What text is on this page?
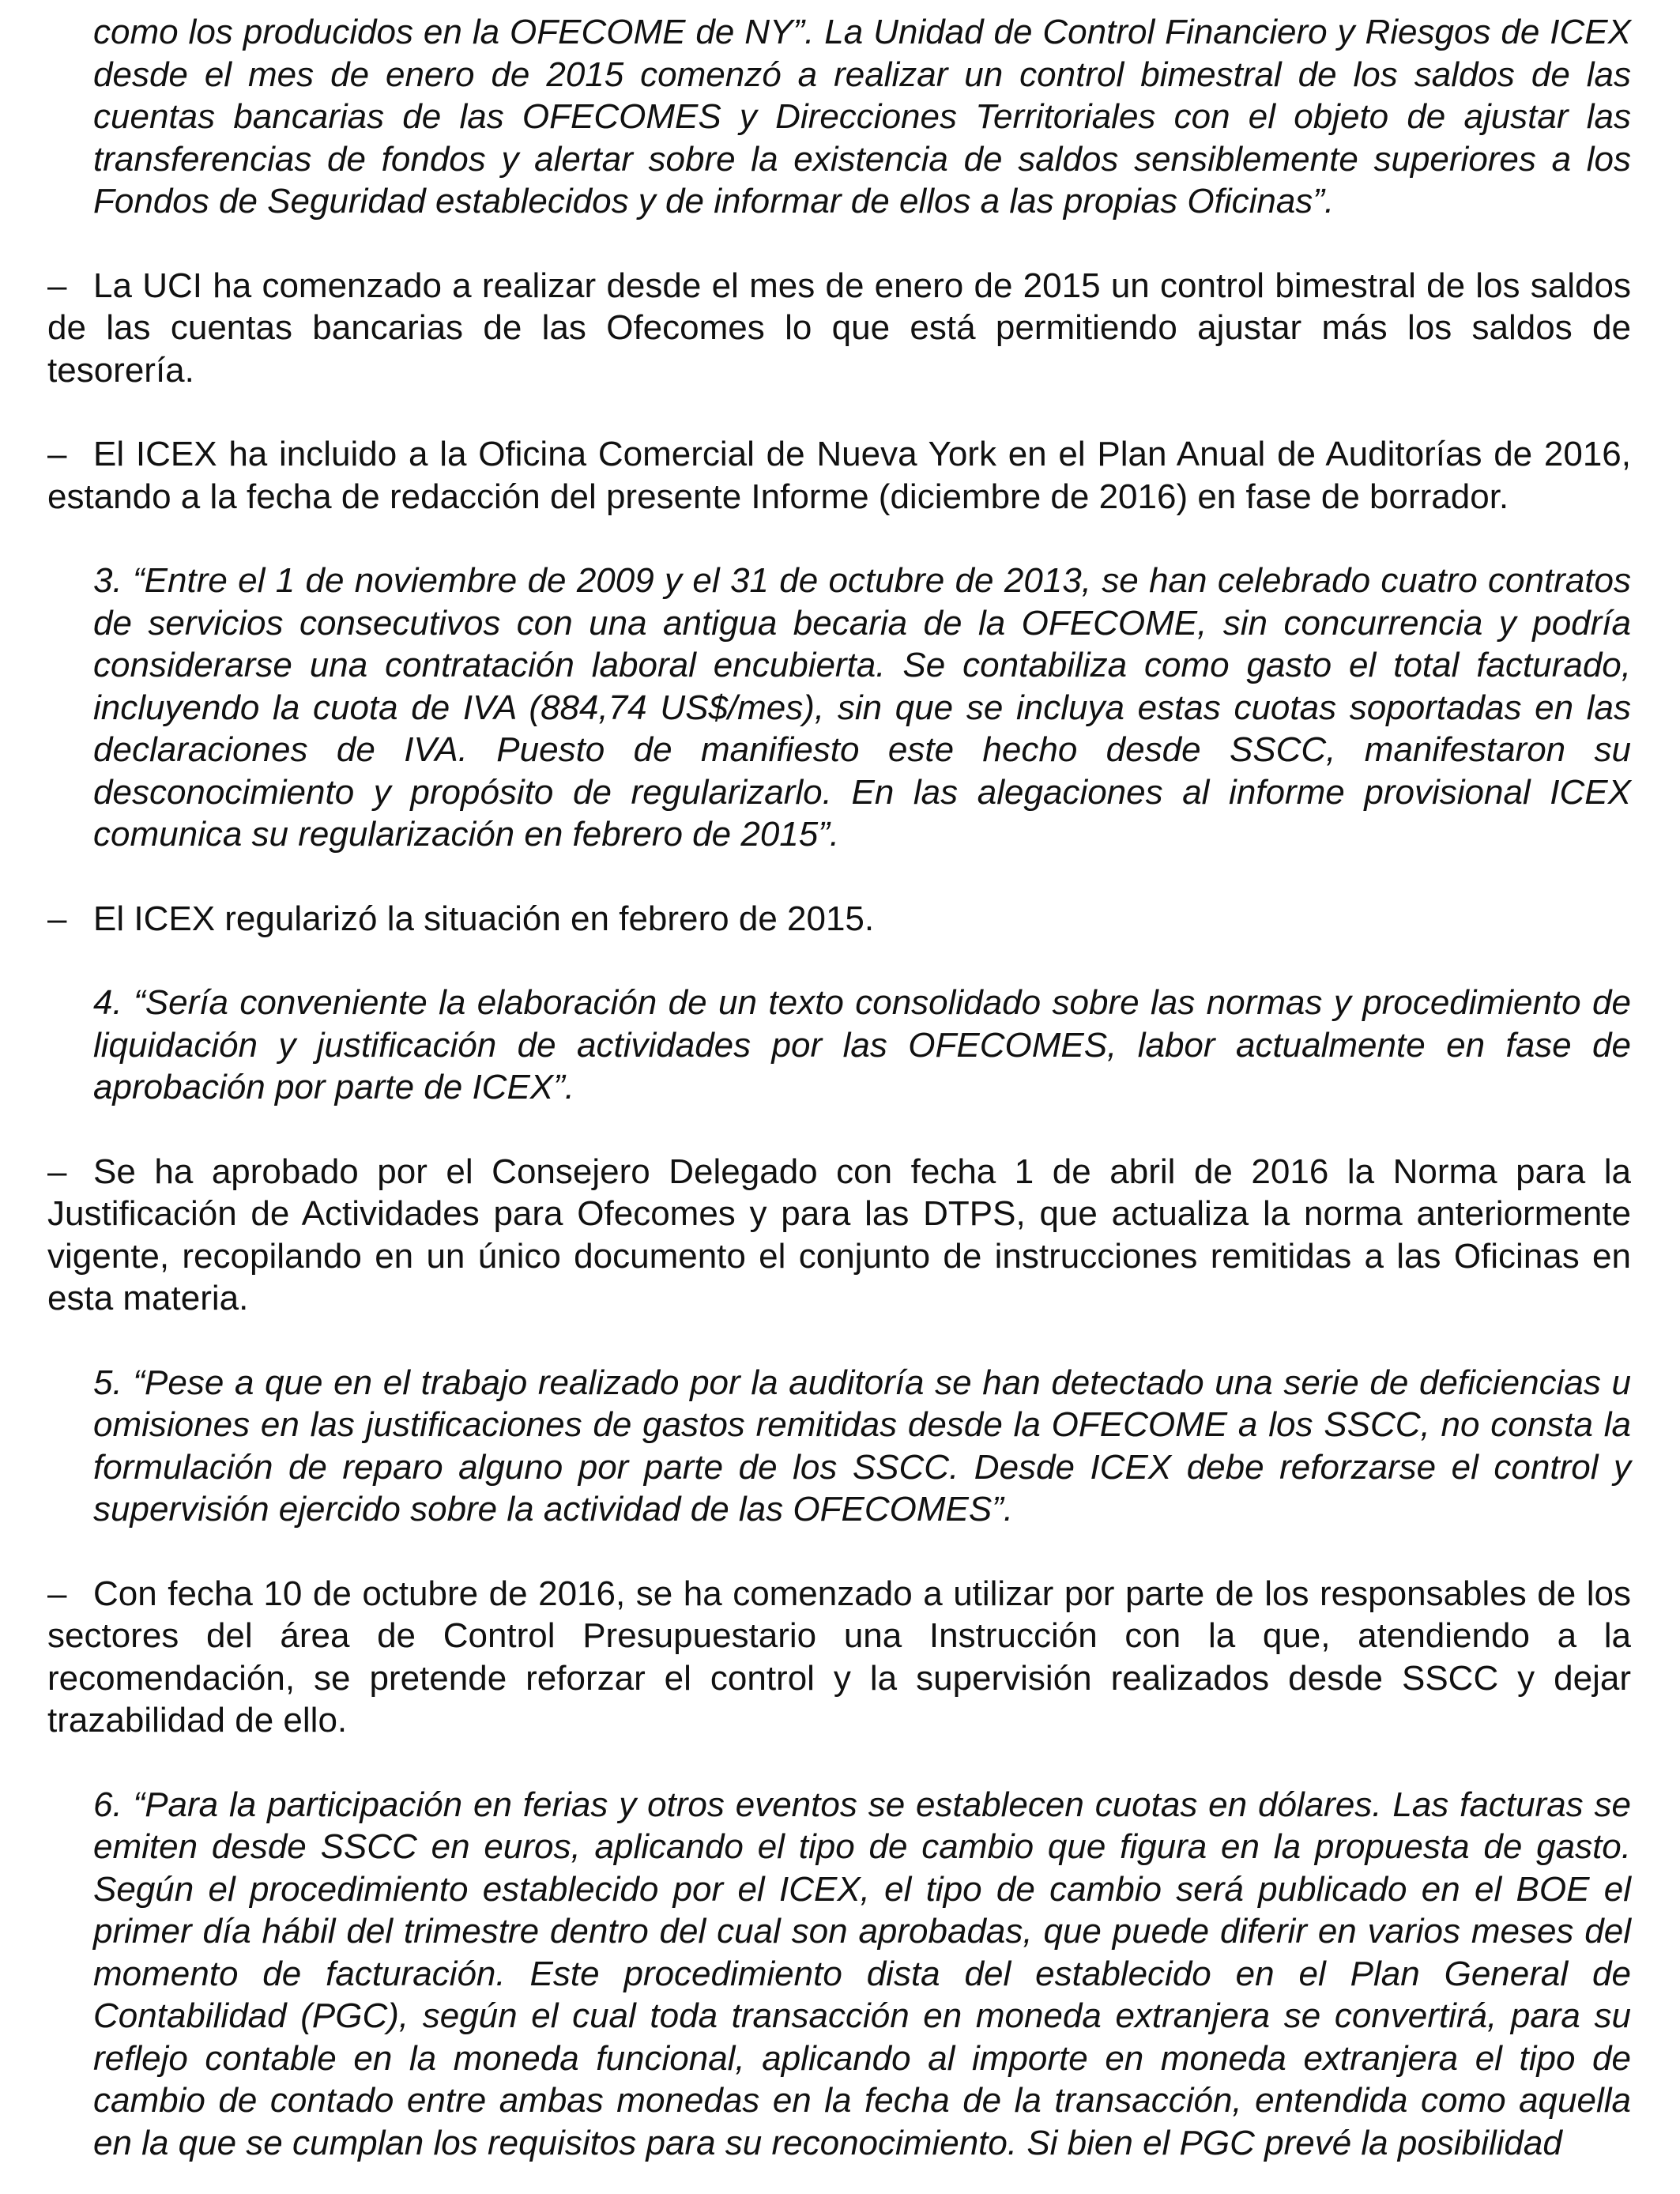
como los producidos en la OFECOME de NY”. La Unidad de Control Financiero y Riesgos de ICEX desde el mes de enero de 2015 comenzó a realizar un control bimestral de los saldos de las cuentas bancarias de las OFECOMES y Direcciones Territoriales con el objeto de ajustar las transferencias de fondos y alertar sobre la existencia de saldos sensiblemente superiores a los Fondos de Seguridad establecidos y de informar de ellos a las propias Oficinas”.

– La UCI ha comenzado a realizar desde el mes de enero de 2015 un control bimestral de los saldos de las cuentas bancarias de las Ofecomes lo que está permitiendo ajustar más los saldos de tesorería.

– El ICEX ha incluido a la Oficina Comercial de Nueva York en el Plan Anual de Auditorías de 2016, estando a la fecha de redacción del presente Informe (diciembre de 2016) en fase de borrador.

3. “Entre el 1 de noviembre de 2009 y el 31 de octubre de 2013, se han celebrado cuatro contratos de servicios consecutivos con una antigua becaria de la OFECOME, sin concurrencia y podría considerarse una contratación laboral encubierta. Se contabiliza como gasto el total facturado, incluyendo la cuota de IVA (884,74 US$/mes), sin que se incluya estas cuotas soportadas en las declaraciones de IVA. Puesto de manifiesto este hecho desde SSCC, manifestaron su desconocimiento y propósito de regularizarlo. En las alegaciones al informe provisional ICEX comunica su regularización en febrero de 2015”.

– El ICEX regularizó la situación en febrero de 2015.

4. “Sería conveniente la elaboración de un texto consolidado sobre las normas y procedimiento de liquidación y justificación de actividades por las OFECOMES, labor actualmente en fase de aprobación por parte de ICEX”.

– Se ha aprobado por el Consejero Delegado con fecha 1 de abril de 2016 la Norma para la Justificación de Actividades para Ofecomes y para las DTPS, que actualiza la norma anteriormente vigente, recopilando en un único documento el conjunto de instrucciones remitidas a las Oficinas en esta materia.

5. “Pese a que en el trabajo realizado por la auditoría se han detectado una serie de deficiencias u omisiones en las justificaciones de gastos remitidas desde la OFECOME a los SSCC, no consta la formulación de reparo alguno por parte de los SSCC. Desde ICEX debe reforzarse el control y supervisión ejercido sobre la actividad de las OFECOMES”.

– Con fecha 10 de octubre de 2016, se ha comenzado a utilizar por parte de los responsables de los sectores del área de Control Presupuestario una Instrucción con la que, atendiendo a la recomendación, se pretende reforzar el control y la supervisión realizados desde SSCC y dejar trazabilidad de ello.

6. “Para la participación en ferias y otros eventos se establecen cuotas en dólares. Las facturas se emiten desde SSCC en euros, aplicando el tipo de cambio que figura en la propuesta de gasto. Según el procedimiento establecido por el ICEX, el tipo de cambio será publicado en el BOE el primer día hábil del trimestre dentro del cual son aprobadas, que puede diferir en varios meses del momento de facturación. Este procedimiento dista del establecido en el Plan General de Contabilidad (PGC), según el cual toda transacción en moneda extranjera se convertirá, para su reflejo contable en la moneda funcional, aplicando al importe en moneda extranjera el tipo de cambio de contado entre ambas monedas en la fecha de la transacción, entendida como aquella en la que se cumplan los requisitos para su reconocimiento. Si bien el PGC prevé la posibilidad
